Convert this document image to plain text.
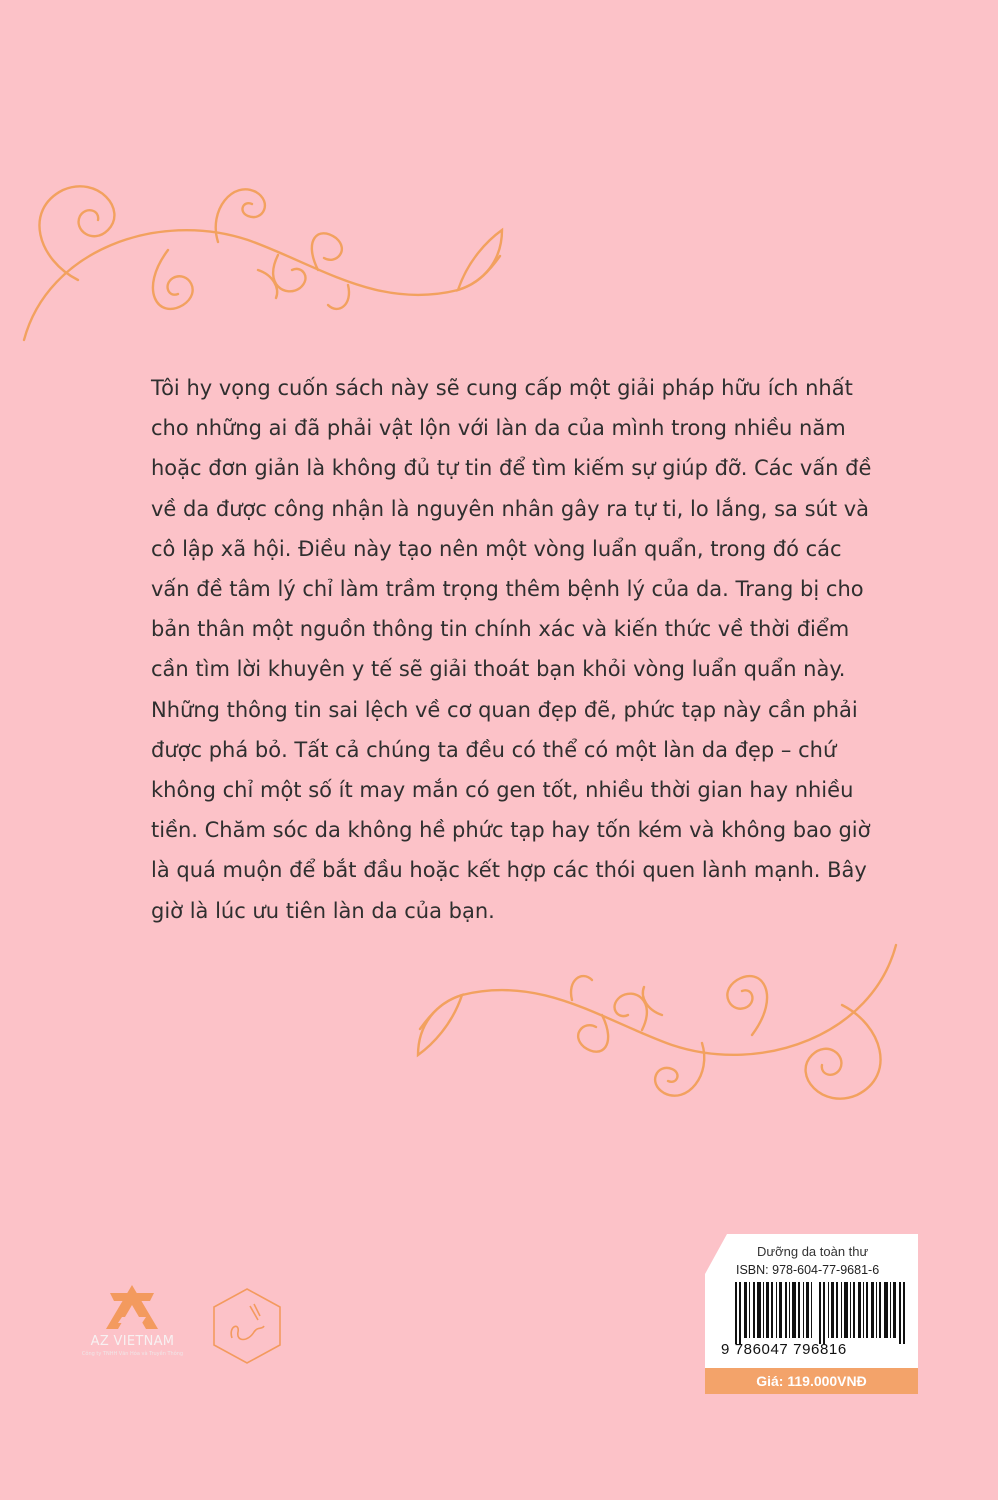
Tôi hy vọng cuốn sách này sẽ cung cấp một giải pháp hữu ích nhất
cho những ai đã phải vật lộn với làn da của mình trong nhiều năm
hoặc đơn giản là không đủ tự tin để tìm kiếm sự giúp đỡ. Các vấn đề
về da được công nhận là nguyên nhân gây ra tự ti, lo lắng, sa sút và
cô lập xã hội. Điều này tạo nên một vòng luẩn quẩn, trong đó các
vấn đề tâm lý chỉ làm trầm trọng thêm bệnh lý của da. Trang bị cho
bản thân một nguồn thông tin chính xác và kiến thức về thời điểm
cần tìm lời khuyên y tế sẽ giải thoát bạn khỏi vòng luẩn quẩn này.
Những thông tin sai lệch về cơ quan đẹp đẽ, phức tạp này cần phải
được phá bỏ. Tất cả chúng ta đều có thể có một làn da đẹp – chứ
không chỉ một số ít may mắn có gen tốt, nhiều thời gian hay nhiều
tiền. Chăm sóc da không hề phức tạp hay tốn kém và không bao giờ
là quá muộn để bắt đầu hoặc kết hợp các thói quen lành mạnh. Bây
giờ là lúc ưu tiên làn da của bạn.
AZ VIETNAM
Công ty TNHH Văn Hóa và Truyền Thông
Dưỡng da toàn thư
ISBN: 978-604-77-9681-6
9 786047 796816
Giá: 119.000VNĐ
